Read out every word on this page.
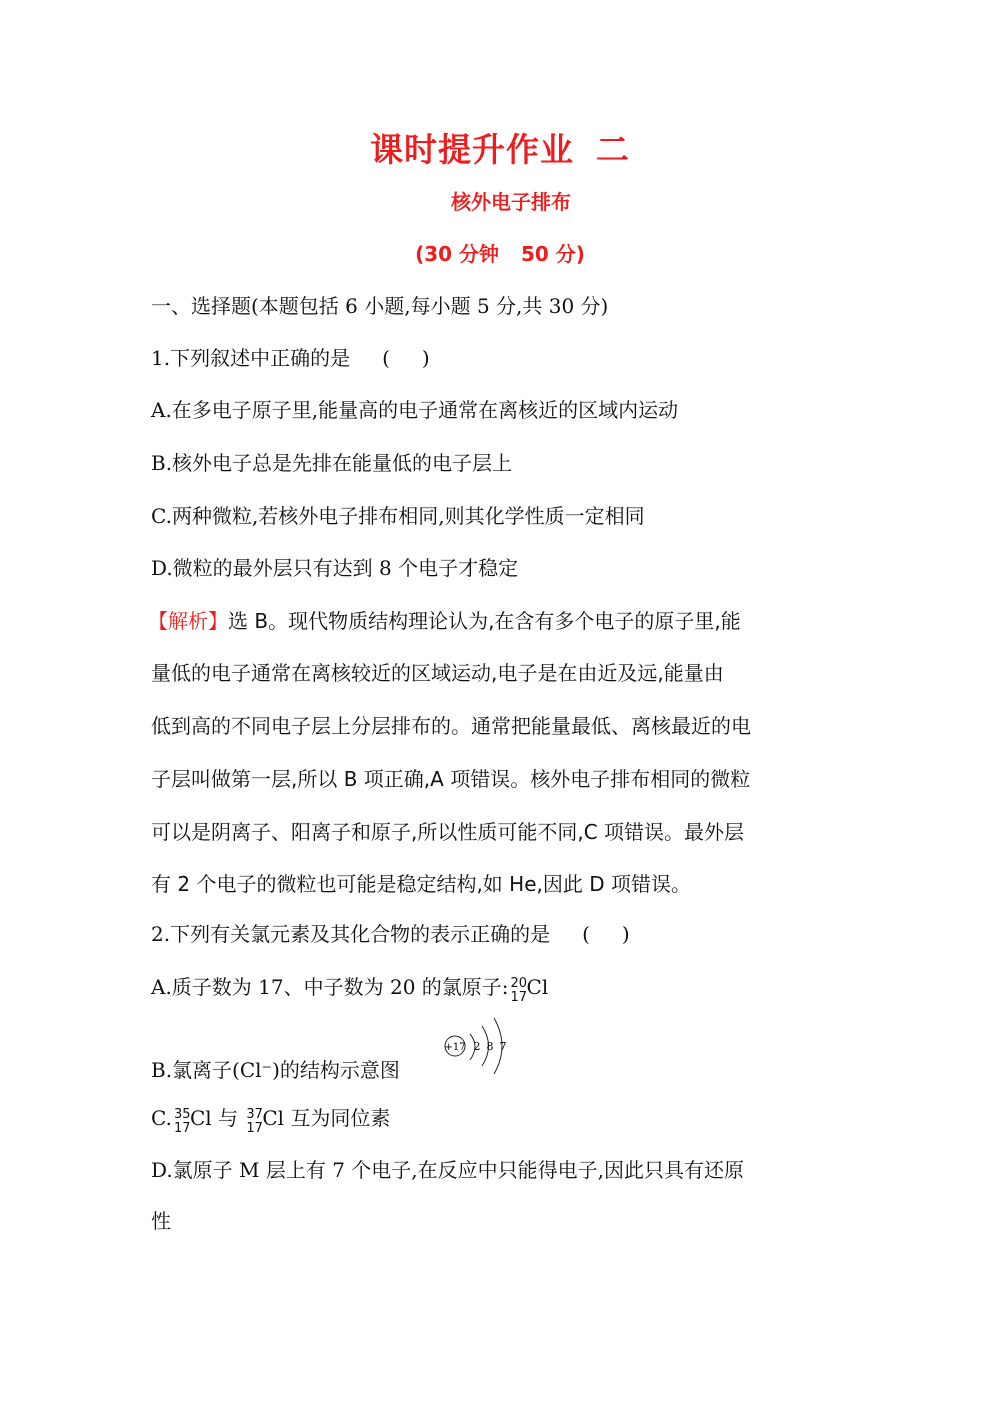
课时提升作业 二
核外电子排布
(30 分钟 50 分)
一、选择题(本题包括 6 小题,每小题 5 分,共 30 分)
1.下列叙述中正确的是 ( )
A.在多电子原子里,能量高的电子通常在离核近的区域内运动
B.核外电子总是先排在能量低的电子层上
C.两种微粒,若核外电子排布相同,则其化学性质一定相同
D.微粒的最外层只有达到 8 个电子才稳定
【解析】选 B。现代物质结构理论认为,在含有多个电子的原子里,能
量低的电子通常在离核较近的区域运动,电子是在由近及远,能量由
低到高的不同电子层上分层排布的。通常把能量最低、离核最近的电
子层叫做第一层,所以 B 项正确,A 项错误。核外电子排布相同的微粒
可以是阴离子、阳离子和原子,所以性质可能不同,C 项错误。最外层
有 2 个电子的微粒也可能是稳定结构,如 He,因此 D 项错误。
2.下列有关氯元素及其化合物的表示正确的是 ( )
A.质子数为 17、中子数为 20 的氯原子: 20
17 Cl
B.氯离子(Cl⁻)的结构示意图
+17 2 8 7
C. 35
17 Cl 与 37
17 Cl 互为同位素
D.氯原子 M 层上有 7 个电子,在反应中只能得电子,因此只具有还原
性
